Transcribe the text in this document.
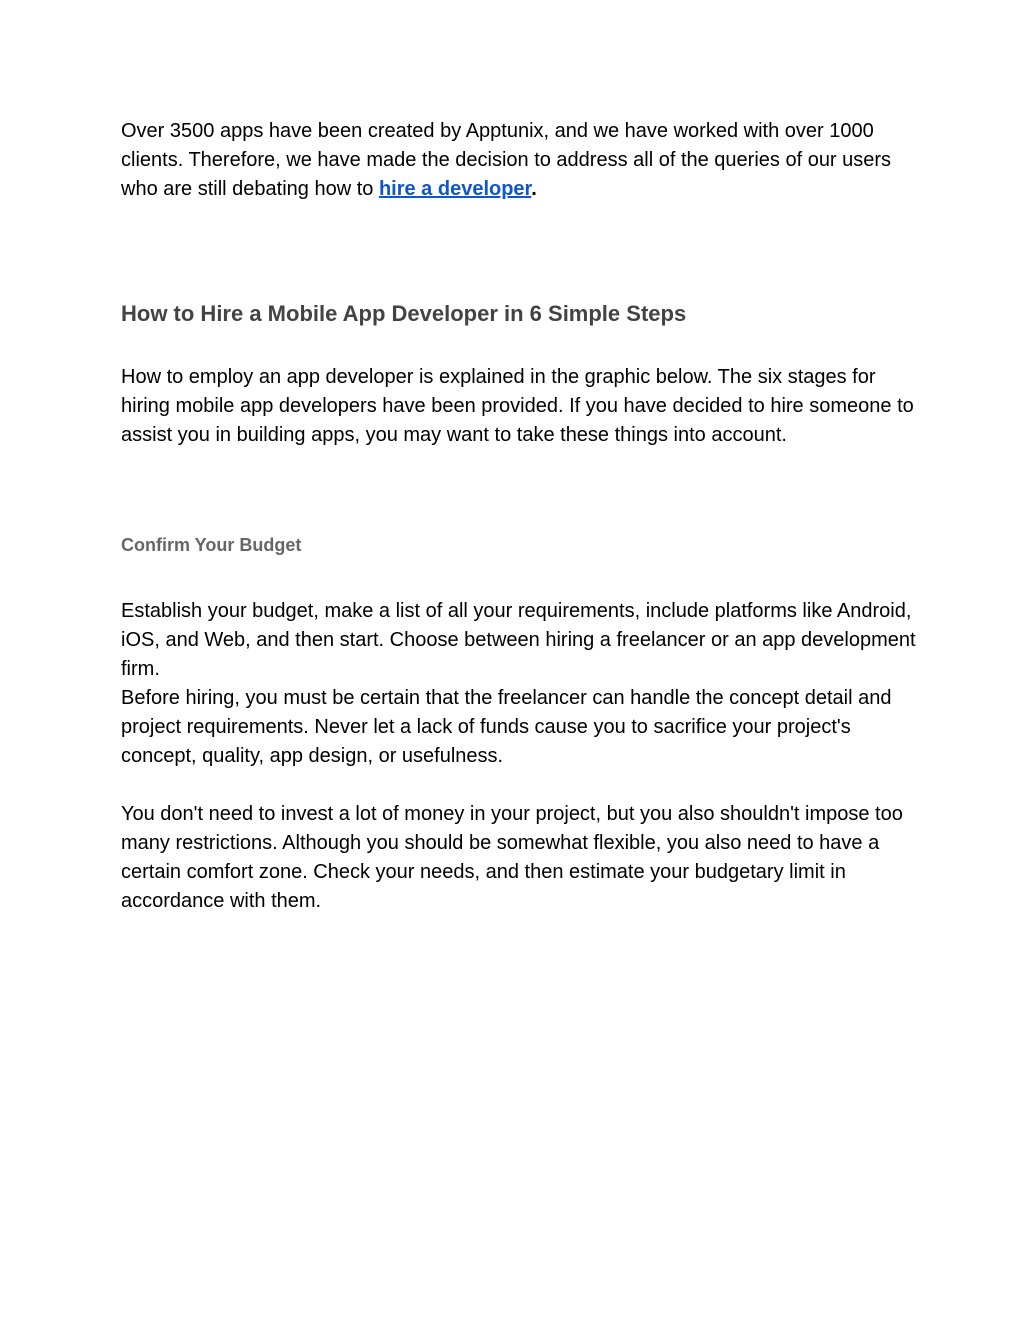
Over 3500 apps have been created by Apptunix, and we have worked with over 1000 clients. Therefore, we have made the decision to address all of the queries of our users who are still debating how to hire a developer.

How to Hire a Mobile App Developer in 6 Simple Steps

How to employ an app developer is explained in the graphic below. The six stages for hiring mobile app developers have been provided. If you have decided to hire someone to assist you in building apps, you may want to take these things into account.

Confirm Your Budget

Establish your budget, make a list of all your requirements, include platforms like Android, iOS, and Web, and then start. Choose between hiring a freelancer or an app development firm.

Before hiring, you must be certain that the freelancer can handle the concept detail and project requirements. Never let a lack of funds cause you to sacrifice your project's concept, quality, app design, or usefulness.

You don't need to invest a lot of money in your project, but you also shouldn't impose too many restrictions. Although you should be somewhat flexible, you also need to have a certain comfort zone. Check your needs, and then estimate your budgetary limit in accordance with them.
